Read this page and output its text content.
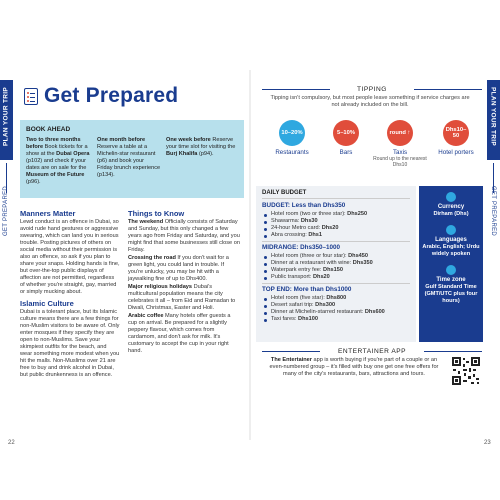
PLAN YOUR TRIP
GET PREPARED
PLAN YOUR TRIP
GET PREPARED
Get Prepared
BOOK AHEAD
Two to three months before Book tickets for a show at the Dubai Opera (p102) and check if your dates are on sale for the Museum of the Future (p96).
One month before Reserve a table at a Michelin-star restaurant (p6) and book your Friday brunch experience (p134).
One week before Reserve your time slot for visiting the Burj Khalifa (p94).
Manners Matter

Lewd conduct is an offence in Dubai, so avoid rude hand gestures or aggressive swearing, which can land you in serious trouble. Posting pictures of others on social media without their permission is also an offence, so ask if you plan to share your snaps. Holding hands is fine, but over-the-top public displays of affection are not permitted, regardless of whether you're straight, gay, married or simply mucking about.

Islamic Culture

Dubai is a tolerant place, but its Islamic culture means there are a few things for non-Muslim visitors to be aware of. Only enter mosques if they specify they are open to non-Muslims. Save your skimpiest outfits for the beach, and wear something more modest when you hit the malls. Non-Muslims over 21 are free to buy and drink alcohol in Dubai, but public drunkenness is an offence.

Things to Know

The weekend Officially consists of Saturday and Sunday, but this only changed a few years ago from Friday and Saturday, and you might find that some businesses still close on Friday.

Crossing the road If you don't wait for a green light, you could land in trouble. If you're unlucky, you may be hit with a jaywalking fine of up to Dhs400.

Major religious holidays Dubai's multicultural population means the city celebrates it all – from Eid and Ramadan to Diwali, Christmas, Easter and Holi.

Arabic coffee Many hotels offer guests a cup on arrival. Be prepared for a slightly peppery flavour, which comes from cardamom, and don't ask for milk. It's customary to accept the cup in your right hand.

TIPPING
Tipping isn't compulsory, but most people leave something if service charges are not already included on the bill.
10–20%
Restaurants
5–10%
Bars
round ↑
Taxis
Round up to the nearest Dhs10
Dhs10–50
Hotel porters
DAILY BUDGET
BUDGET: Less than Dhs350
Hotel room (two or three star): Dhs250
Shawarma: Dhs30
24-hour Metro card: Dhs20
Abra crossing: Dhs1
MIDRANGE: Dhs350–1000
Hotel room (three or four star): Dhs450
Dinner at a restaurant with wine: Dhs350
Waterpark entry fee: Dhs150
Public transport: Dhs20
TOP END: More than Dhs1000
Hotel room (five star): Dhs800
Desert safari trip: Dhs300
Dinner at Michelin-starred restaurant: Dhs600
Taxi fares: Dhs100
Currency
Dirham (Dhs)
Languages
Arabic, English; Urdu widely spoken
Time zone
Gulf Standard Time (GMT/UTC plus four hours)
ENTERTAINER APP
The Entertainer app is worth buying if you're part of a couple or an even-numbered group – it's filled with buy one get one free offers for many of the city's restaurants, bars, attractions and tours.
22	23
